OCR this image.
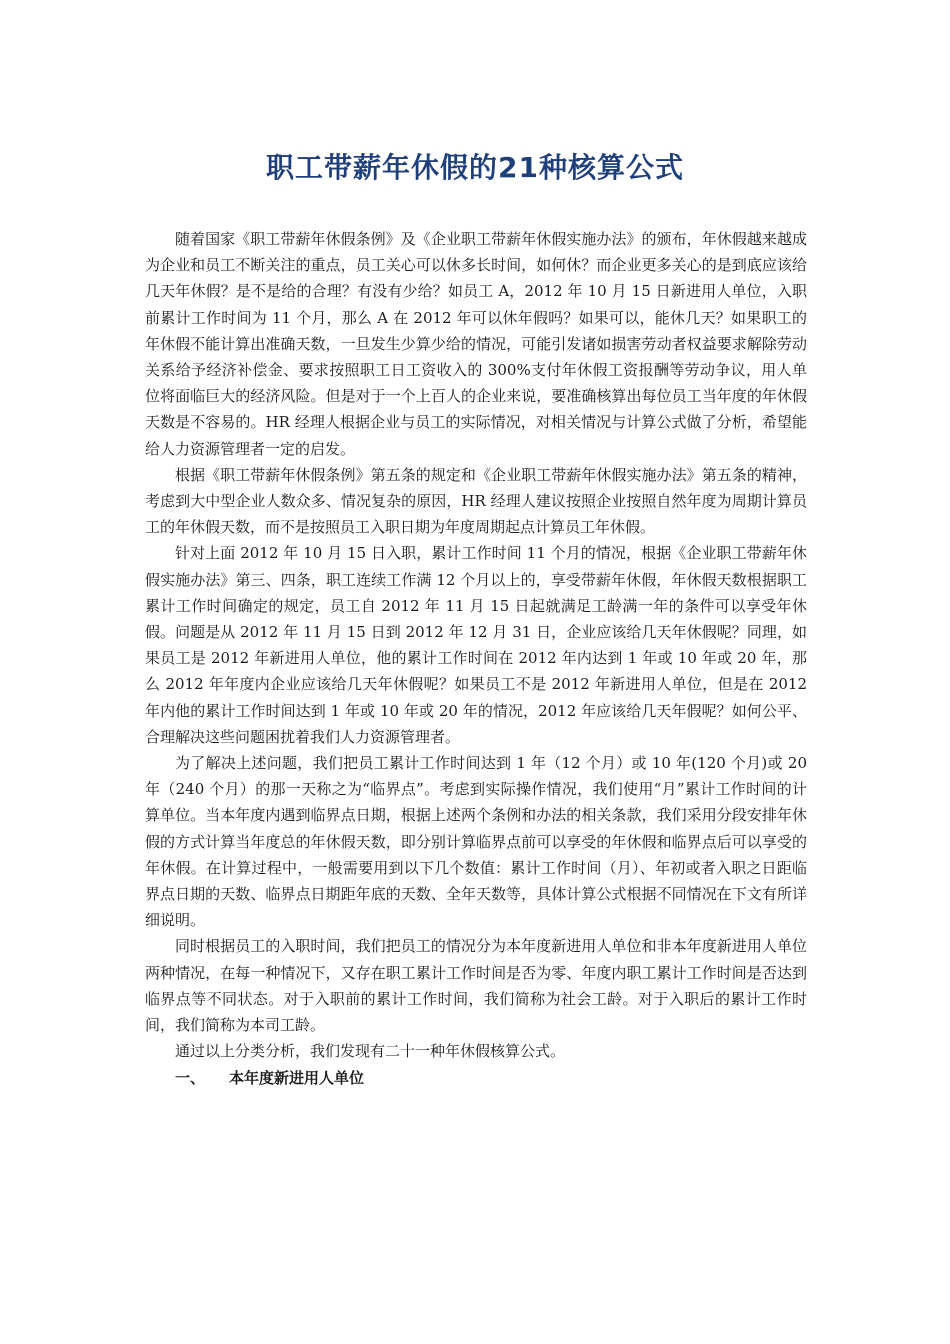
职工带薪年休假的21种核算公式

随着国家《职工带薪年休假条例》及《企业职工带薪年休假实施办法》的颁布，年休假越来越成为企业和员工不断关注的重点，员工关心可以休多长时间，如何休？而企业更多关心的是到底应该给几天年休假？是不是给的合理？有没有少给？如员工 A，2012 年 10 月 15 日新进用人单位，入职前累计工作时间为 11 个月，那么 A 在 2012 年可以休年假吗？如果可以，能休几天？如果职工的年休假不能计算出准确天数，一旦发生少算少给的情况，可能引发诸如损害劳动者权益要求解除劳动关系给予经济补偿金、要求按照职工日工资收入的 300%支付年休假工资报酬等劳动争议，用人单位将面临巨大的经济风险。但是对于一个上百人的企业来说，要准确核算出每位员工当年度的年休假天数是不容易的。HR 经理人根据企业与员工的实际情况，对相关情况与计算公式做了分析，希望能给人力资源管理者一定的启发。

根据《职工带薪年休假条例》第五条的规定和《企业职工带薪年休假实施办法》第五条的精神，考虑到大中型企业人数众多、情况复杂的原因，HR 经理人建议按照企业按照自然年度为周期计算员工的年休假天数，而不是按照员工入职日期为年度周期起点计算员工年休假。

针对上面 2012 年 10 月 15 日入职，累计工作时间 11 个月的情况，根据《企业职工带薪年休假实施办法》第三、四条，职工连续工作满 12 个月以上的，享受带薪年休假，年休假天数根据职工累计工作时间确定的规定，员工自 2012 年 11 月 15 日起就满足工龄满一年的条件可以享受年休假。问题是从 2012 年 11 月 15 日到 2012 年 12 月 31 日，企业应该给几天年休假呢？同理，如果员工是 2012 年新进用人单位，他的累计工作时间在 2012 年内达到 1 年或 10 年或 20 年，那么 2012 年年度内企业应该给几天年休假呢？如果员工不是 2012 年新进用人单位，但是在 2012 年内他的累计工作时间达到 1 年或 10 年或 20 年的情况，2012 年应该给几天年假呢？如何公平、合理解决这些问题困扰着我们人力资源管理者。

为了解决上述问题，我们把员工累计工作时间达到 1 年（12 个月）或 10 年(120 个月)或 20 年（240 个月）的那一天称之为“临界点”。考虑到实际操作情况，我们使用“月”累计工作时间的计算单位。当本年度内遇到临界点日期，根据上述两个条例和办法的相关条款，我们采用分段安排年休假的方式计算当年度总的年休假天数，即分别计算临界点前可以享受的年休假和临界点后可以享受的年休假。在计算过程中，一般需要用到以下几个数值：累计工作时间（月）、年初或者入职之日距临界点日期的天数、临界点日期距年底的天数、全年天数等，具体计算公式根据不同情况在下文有所详细说明。

同时根据员工的入职时间，我们把员工的情况分为本年度新进用人单位和非本年度新进用人单位两种情况，在每一种情况下，又存在职工累计工作时间是否为零、年度内职工累计工作时间是否达到临界点等不同状态。对于入职前的累计工作时间，我们简称为社会工龄。对于入职后的累计工作时间，我们简称为本司工龄。

通过以上分类分析，我们发现有二十一种年休假核算公式。

一、 本年度新进用人单位
